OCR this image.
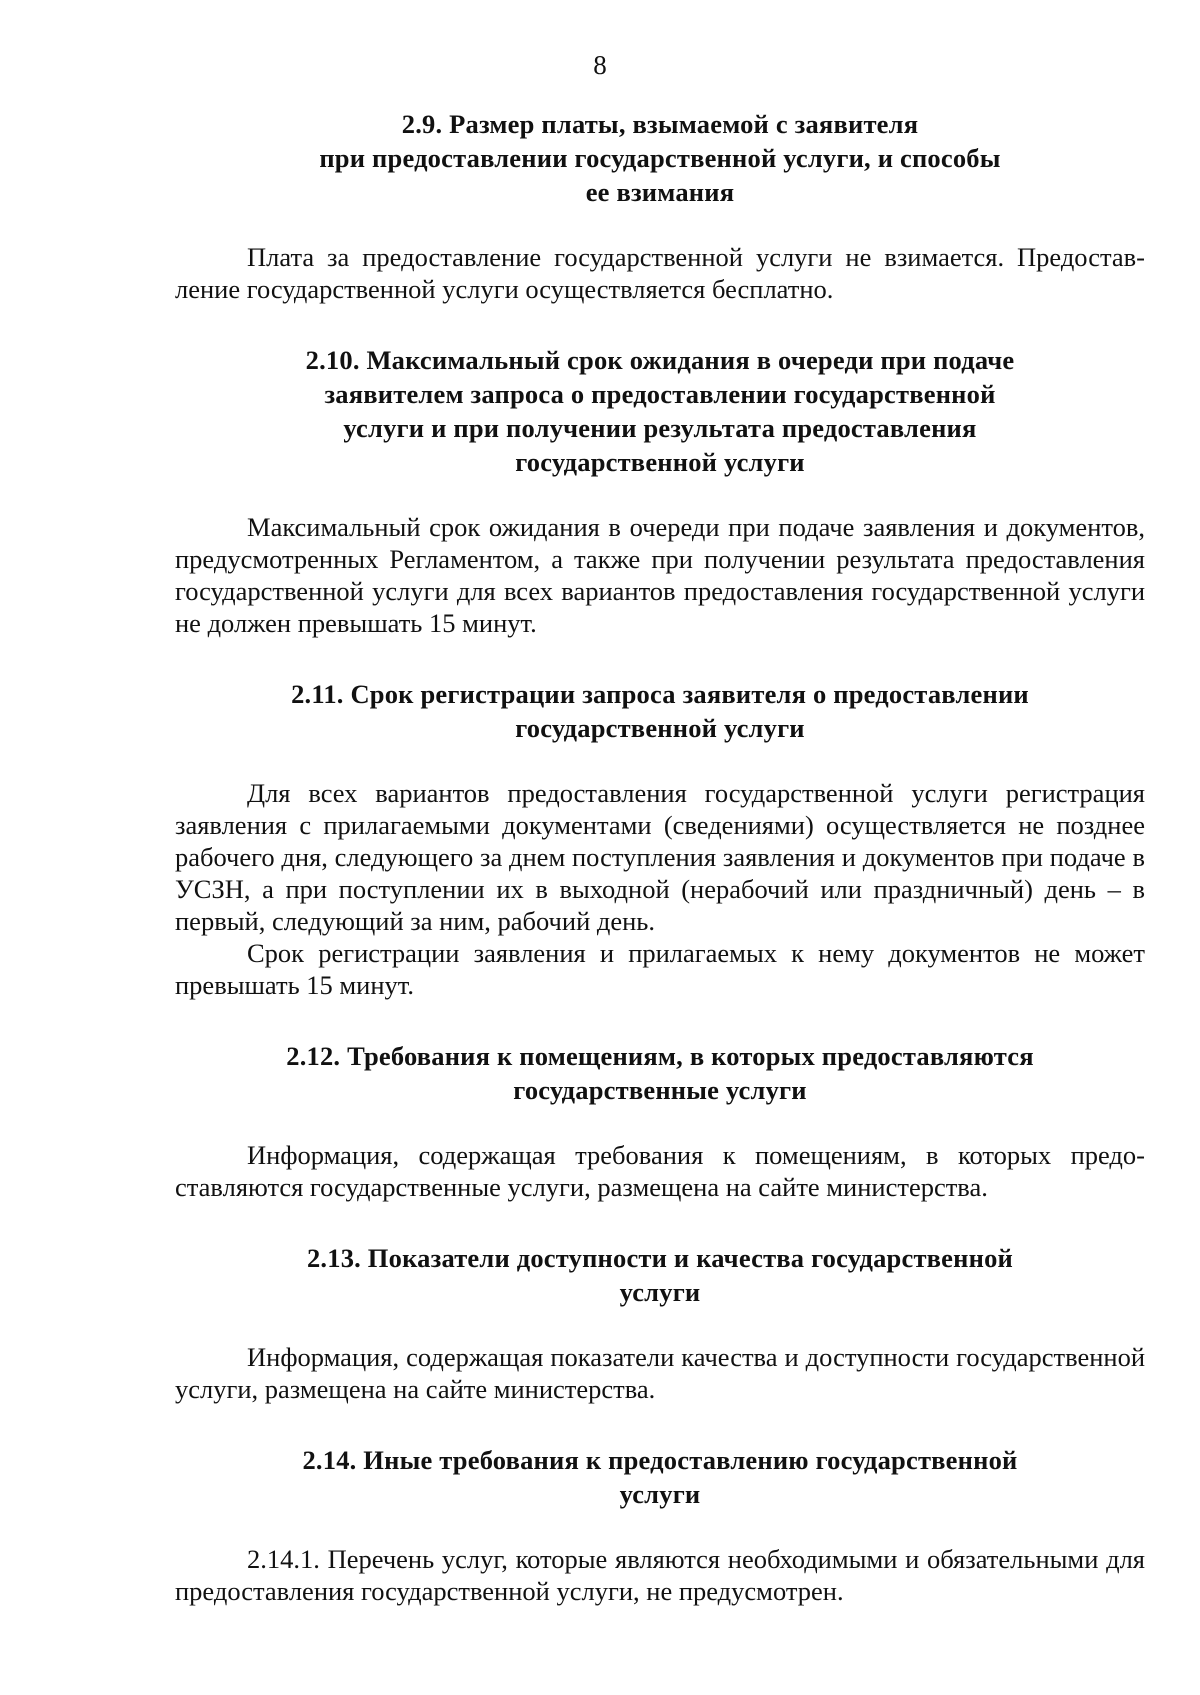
8
2.9. Размер платы, взымаемой с заявителя
при предоставлении государственной услуги, и способы
ее взимания

Плата за предоставление государственной услуги не взимается. Предоставление государственной услуги осуществляется бесплатно.

2.10. Максимальный срок ожидания в очереди при подаче
заявителем запроса о предоставлении государственной
услуги и при получении результата предоставления
государственной услуги

Максимальный срок ожидания в очереди при подаче заявления и документов, предусмотренных Регламентом, а также при получении результата предоставления государственной услуги для всех вариантов предоставления государственной услуги не должен превышать 15 минут.

2.11. Срок регистрации запроса заявителя о предоставлении
государственной услуги

Для всех вариантов предоставления государственной услуги регистрация заявления с прилагаемыми документами (сведениями) осуществляется не позднее рабочего дня, следующего за днем поступления заявления и документов при подаче в УСЗН, а при поступлении их в выходной (нерабочий или праздничный) день – в первый, следующий за ним, рабочий день.

Срок регистрации заявления и прилагаемых к нему документов не может превышать 15 минут.

2.12. Требования к помещениям, в которых предоставляются
государственные услуги

Информация, содержащая требования к помещениям, в которых предоставляются государственные услуги, размещена на сайте министерства.

2.13. Показатели доступности и качества государственной
услуги

Информация, содержащая показатели качества и доступности государственной услуги, размещена на сайте министерства.

2.14. Иные требования к предоставлению государственной
услуги

2.14.1. Перечень услуг, которые являются необходимыми и обязательными для предоставления государственной услуги, не предусмотрен.
